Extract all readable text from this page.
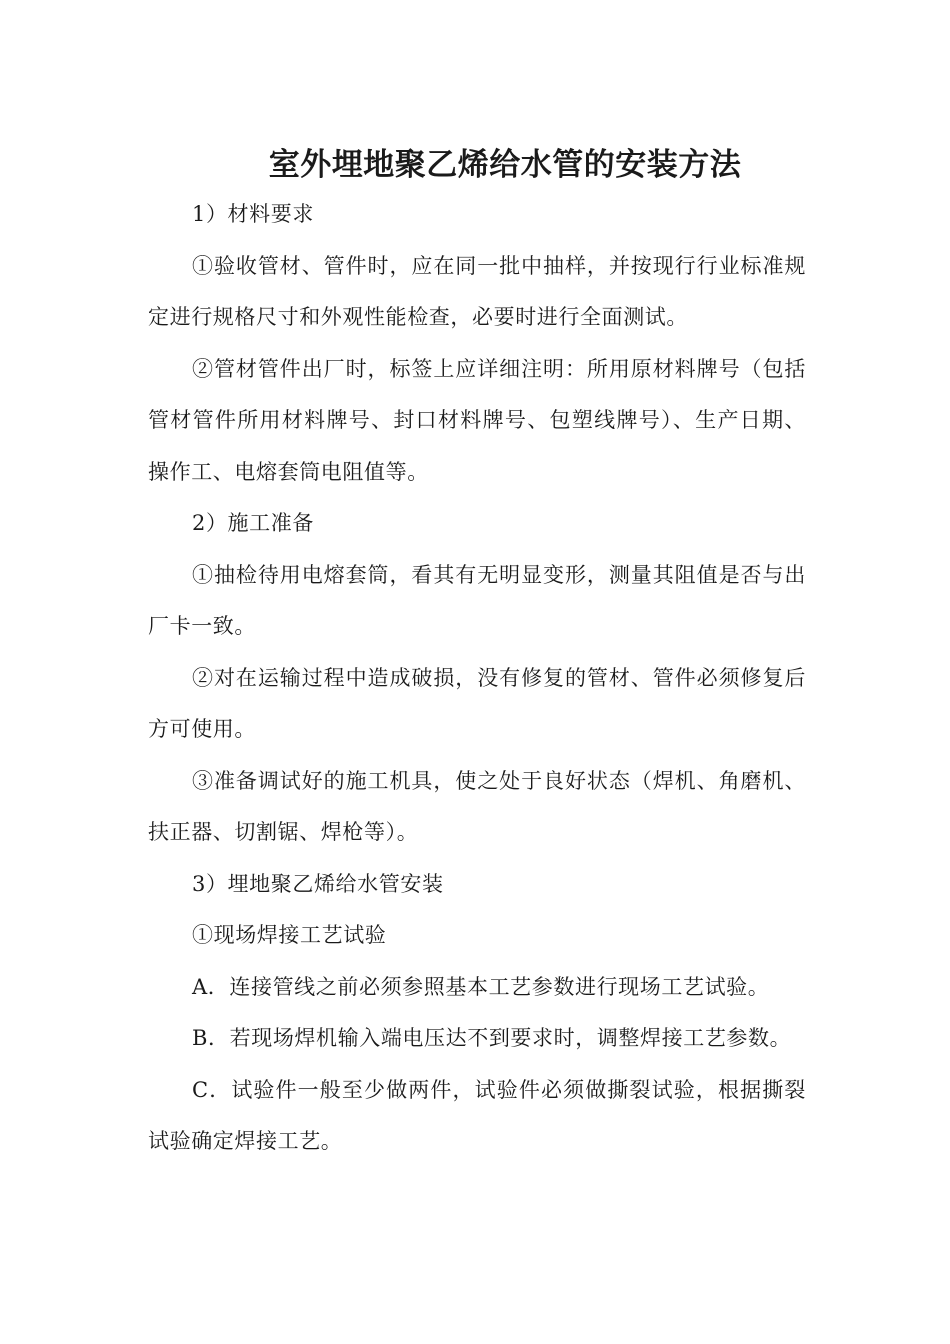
室外埋地聚乙烯给水管的安装方法

1）材料要求

①验收管材、管件时，应在同一批中抽样，并按现行行业标准规定进行规格尺寸和外观性能检查，必要时进行全面测试。

②管材管件出厂时，标签上应详细注明：所用原材料牌号（包括管材管件所用材料牌号、封口材料牌号、包塑线牌号）、生产日期、操作工、电熔套筒电阻值等。

2）施工准备

①抽检待用电熔套筒，看其有无明显变形，测量其阻值是否与出厂卡一致。

②对在运输过程中造成破损，没有修复的管材、管件必须修复后方可使用。

③准备调试好的施工机具，使之处于良好状态（焊机、角磨机、扶正器、切割锯、焊枪等）。

3）埋地聚乙烯给水管安装

①现场焊接工艺试验

A．连接管线之前必须参照基本工艺参数进行现场工艺试验。

B．若现场焊机输入端电压达不到要求时，调整焊接工艺参数。

C．试验件一般至少做两件，试验件必须做撕裂试验，根据撕裂试验确定焊接工艺。
